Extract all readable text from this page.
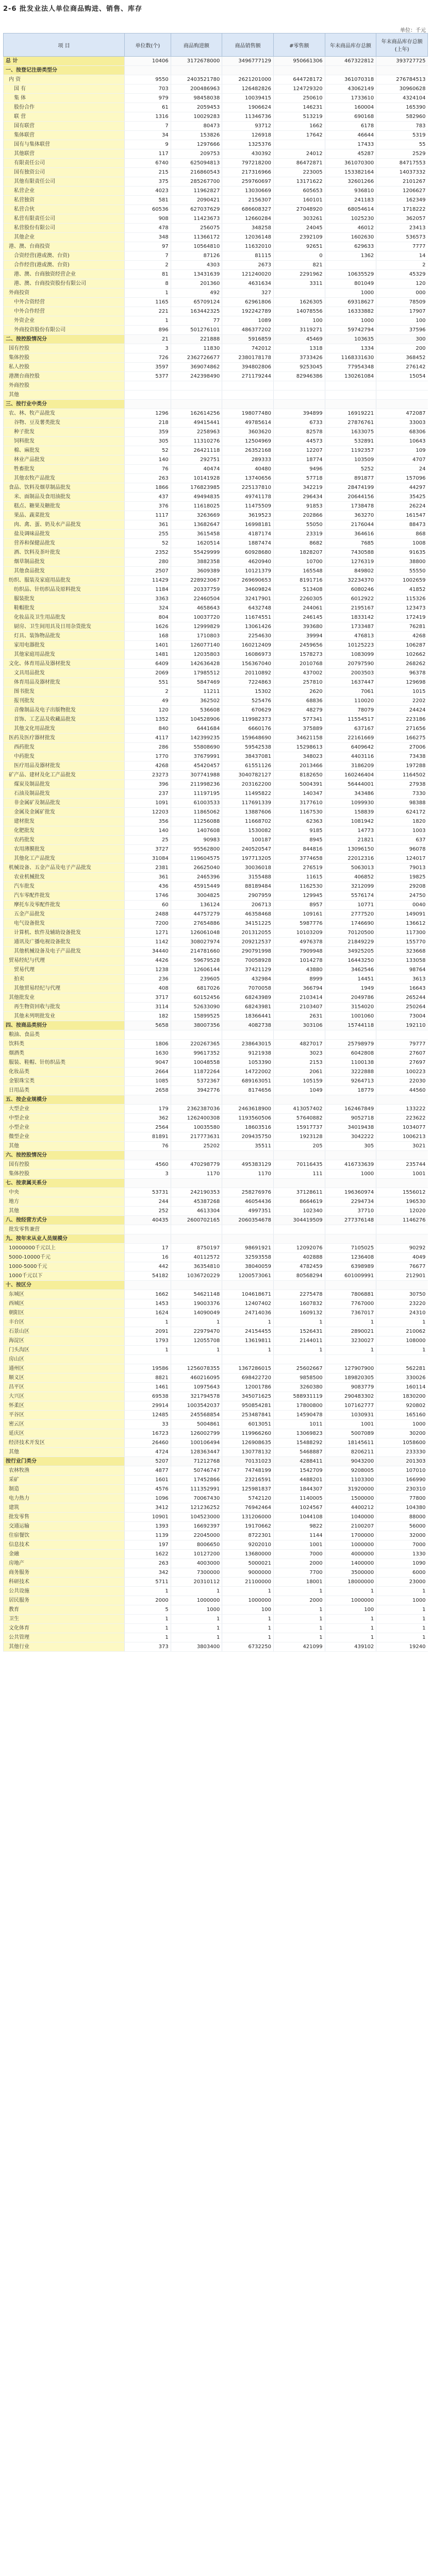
2-6 批发业法人单位商品购进、销售、库存
单位：千元
项 目	单位数(个)	商品购进额	商品销售额	#零售额	年末商品库存总额	年末商品库存总额(上年)
总 计	10406	3172678000	3496777129	950661306	467322812	393727725
一、按登记注册类型分						
内 资	9550	2403521780	2621201000	644728172	361070318	276784513
国 有	703	200486963	126482826	124729320	43062149	30960628
集 体	979	98458038	10039415	250610	1733610	4324104
股份合作	61	2059453	1906624	146231	160004	165390
联 营	1316	10029283	11346736	513219	690168	582960
国有联营	7	80473	93712	1662	6178	783
集体联营	34	153826	126918	17642	46644	5319
国有与集体联营	9	1297666	1325376		17433	55
其他联营	117	209753	430392	24012	45287	2529
有限责任公司	6740	625094813	797218200	86472871	361070300	84717553
国有独资公司	215	216860543	217316966	223005	153382164	14037332
其他有限责任公司	375	285267700	259760697	13171622	32601266	2101267
私营企业	4023	11962827	13030669	605653	936810	1206627
私营独资	581	2090421	2156307	160101	241183	162349
私营合伙	60536	627037629	686608327	27048920	68054614	1718222
私营有限责任公司	908	11423673	12660284	303261	1025230	362057
私营股份有限公司	478	256075	348258	24045	46012	23413
其他企业	348	11366172	12036148	2392109	1602630	536573
港、澳、台商投资	97	10564810	11632010	92651	629633	7777
合资经营(港或澳、台资)	7	87126	81115	0	1362	14
合作经营(港或澳、台资)	2	4303	2673	821		2
港、澳、台商独资经营企业	81	13431639	121240020	2291962	10635529	45329
港、澳、台商投资股份有限公司	8	201360	4631634	3311	801049	120
外商投资	1	492	327		1000	000
中外合资经营	1165	65709124	62961806	1626305	69318627	78509
中外合作经营	221	163442325	192242789	14078556	16333882	17907
外资企业	1	77	1089	100	1000	100
外商投资股份有限公司	896	501276101	486377202	3119271	59742794	37596
二、按控股情况分	21	221888	5916859	45469	103635	300
国有控股	3	11830	742012	1318	1334	200
集体控股	726	2362726677	2380178178	3733426	1168331630	368452
私人控股	3597	369074862	394802806	9253045	77954348	276142
港澳台商控股	5377	242398490	271179244	82946386	130261084	15054
外商控股						
其他						
三、按行业中类分						
农、林、牧产品批发	1296	162614256	198077480	394899	16919221	472087
谷物、豆及薯类批发	218	49415441	49785614	6733	27876761	33003
种子批发	359	2258963	3603620	82578	1633075	68306
饲料批发	305	11310276	12504969	44573	532891	10643
棉、麻批发	52	26421118	26352168	12207	1192357	109
林业产品批发	140	292751	289333	18774	103509	4707
牲畜批发	76	40474	40480	9496	5252	24
其他农牧产品批发	263	10141928	13740656	57718	891877	157096
食品、饮料及烟草制品批发	1866	176823985	225137810	342219	28474199	44297
米、面制品及食用油批发	437	49494835	49741178	296434	20644156	35425
糕点、糖果及糖批发	376	11618025	11475509	91853	1738478	26224
果品、蔬菜批发	1117	3263669	3619523	202866	363270	161547
肉、禽、蛋、奶及水产品批发	361	13682647	16998181	55050	2176044	88473
盐及调味品批发	255	3615458	4187174	23319	364616	868
营养和保健品批发	52	1620514	1887474	8682	7685	1008
酒、饮料及茶叶批发	2352	55429999	60928680	1828207	7430588	91635
烟草制品批发	280	3882358	4620940	10700	1276319	38800
其他食品批发	2507	3609389	10121379	165548	849802	55550
纺织、服装及家庭用品批发	11429	228923067	269690653	8191716	32234370	1002659
纺织品、针纺织品及原料批发	1184	20337759	34609824	513408	6080246	41852
服装批发	3363	22460504	32417901	2260305	6012922	115326
鞋帽批发	324	4658643	6432748	244061	2195167	123473
化妆品及卫生用品批发	804	10037720	11674551	246145	1833142	172419
厨房、卫生间用具及日用杂货批发	1626	12999829	13061426	393680	1733487	76281
灯具、装饰物品批发	168	1710803	2254630	39994	476813	4268
家用电器批发	1401	126077140	160212409	2459656	10125223	106287
其他家庭用品批发	1481	12035803	16086973	1578273	1083099	102662
文化、体育用品及器材批发	6409	142636428	156367040	2010768	20797590	268262
文具用品批发	2069	17985512	20110892	437002	2003503	96378
体育用品及器材批发	551	5847469	7224863	257810	1637447	129698
图书批发	2	11211	15302	2620	7061	1015
报刊批发	49	362502	525476	68836	110020	2202
音像制品及电子出版物批发	120	536608	670629	48279	78079	24424
首饰、工艺品及收藏品批发	1352	104528906	119982373	577341	11554517	223186
其他文化用品批发	840	6441684	6660176	375889	637167	271656
医药及医疗器材批发	4117	142399235	159648690	34621158	22161669	166275
西药批发	286	55808690	59542538	15298613	6409642	27006
中药批发	1770	37679991	38437081	348023	4403116	73438
医疗用品及器材批发	4268	45420457	61551126	2013466	3186209	197288
矿产品、建材及化工产品批发	23273	307741988	3040782127	8182650	160246404	1164502
煤炭及制品批发	396	211998236	203162200	5004391	56444001	27938
石油及制品批发	237	11197195	11495822	140347	343486	7330
非金属矿及制品批发	1091	61003533	117691339	3177610	1099930	98388
金属及金属矿批发	12203	11865062	13887606	1167530	158839	624172
建材批发	356	11256088	11668702	62363	1081942	1820
化肥批发	140	1407608	1530082	9185	14773	1003
农药批发	25	90983	100187	8945	21821	637
农用薄膜批发	3727	95562800	240520547	844816	13096150	96078
其他化工产品批发	31084	119604575	197713205	3774658	22012316	124017
机械设备、五金产品及电子产品批发	2381	26625040	30036018	276519	5063013	79013
农业机械批发	361	2465396	3155488	11615	406852	19825
汽车批发	436	45915449	88189484	1162530	3212099	29208
汽车零配件批发	1746	3004825	2907959	129945	5576174	24750
摩托车及零配件批发	60	136124	206713	8957	10771	0040
五金产品批发	2488	44757279	46358468	109161	2777520	149091
电气设备批发	7200	27654886	34151225	5987776	1746690	136612
计算机、软件及辅助设备批发	1271	126061048	201312055	10103209	70120500	117300
通讯及广播电视设备批发	1142	308027974	209212537	4976378	21849229	155770
其他机械设备及电子产品批发	34440	214781660	290791998	7909948	34925205	323668
贸易经纪与代理	4426	59679528	70058928	1014278	16443250	133058
贸易代理	1238	12606144	37421129	43880	3462546	98764
拍卖	236	239605	432984	8999	14451	3613
其他贸易经纪与代理	408	6817026	7070058	366794	1949	16643
其他批发业	3717	60152456	68243989	2103414	2049786	265244
再生物资回收与批发	3114	52633090	68243981	2103407	3154020	250264
其他未列明批发业	182	15899525	18366441	2631	1001060	73004
四、按商品类别分	5658	38007356	4082738	303106	15744118	192110
粮油、食品类						
饮料类	1806	220267365	238643015	4827017	25798979	79777
烟酒类	1630	99617352	9121938	3023	6042808	27607
服装、鞋帽、针纺织品类	9047	10048558	1053390	2153	1100138	27697
化妆品类	2664	11872264	14722002	2061	3222888	100223
金银珠宝类	1085	5372367	689163051	105159	9264713	22030
日用品类	2658	3942776	8174656	1049	18779	44560
五、按企业规模分						
大型企业	179	2362387036	2463618900	413057402	162467849	133222
中型企业	362	1262400308	1193560506	57640882	9052718	223622
小型企业	2564	10035580	18603516	15917737	34019438	1034077
微型企业	81891	217773631	209435750	1923128	3042222	1006213
其他	76	25202	35511	205	305	3021
六、按控股情况分						
国有控股	4560	470298779	495383129	70116435	416733639	235744
集体控股	3	1170	1170	111	1000	1001
七、按隶属关系分						
中央	53731	242190353	258276976	37128611	196360974	1556012
地方	244	45387268	46054436	8664619	2294734	196530
其他	252	4613304	4997351	102340	37710	12020
八、按经营方式分	40435	2600702165	2060354678	304419509	277376148	1146276
批发零售兼营						
九、按年末从业人员规模分						
10000000千元以上	17	8750197	98691921	12092076	7105025	90292
5000-10000千元	16	40112572	32593558	402888	1236408	4049
1000-5000千元	442	36354810	38040059	4782459	6398989	76677
1000千元以下	54182	1036720229	1200573061	80568294	601009991	212901
十、按区分						
东城区	1662	54621148	104618671	2275478	7806881	30750
西城区	1453	19003376	12407402	1607832	7767000	23220
朝阳区	1624	14090049	24714036	1609132	7367017	24310
丰台区	1	1	1	1	1	1
石景山区	2091	22979470	24154455	1526431	2890021	210062
海淀区	1793	12055708	13619811	2144011	3230027	108000
门头沟区	1	1	1	1	1	1
房山区						
通州区	19586	1256078355	1367286015	25602667	127907900	562281
顺义区	8821	460216095	698422720	9858500	189820305	330026
昌平区	1461	10975643	12001786	3260380	9083779	160114
大兴区	69538	321794578	345071625	588931119	290483302	1830200
怀柔区	29914	1003542037	950854281	17800800	107162777	920802
平谷区	12485	245568854	253487841	14590478	1030931	165160
密云区	33	5004861	6013051	1011	1001	1000
延庆区	16723	126002799	119966260	13069823	5007089	30200
经济技术开发区	26460	100106494	126908635	15488292	18145611	1058600
其他	4724	128363447	130778132	5468887	8206211	233330
按行业门类分	5207	71212768	70131023	4288411	9043200	201303
农林牧渔	4877	50746747	74748199	1542709	9208005	107010
采矿	1601	17452866	23216591	4488201	1103300	166990
制造	4576	111352991	125981837	1844307	31920000	230310
电力热力	1096	70067430	5742120	1140005	1500000	77800
建筑	3412	121236252	76942464	1024567	4400212	104380
批发零售	10901	104523000	131206000	1044108	1040000	88000
交通运输	1393	16692397	19170662	9822	2100207	56000
住宿餐饮	1139	22045000	8722301	1144	1700000	32000
信息技术	197	8006650	9202010	1001	1000000	7000
金融	1622	10127200	13680000	7000	4000000	1330
房地产	263	4003000	5000021	2000	1400000	1090
商务服务	342	7300000	9000000	7700	3500000	6000
科研技术	5711	20310112	21100000	18001	18000000	23000
公共设施	1	1	1	1	1	1
居民服务	2000	1000000	1000000	2000	1000000	1000
教育	5	1000	100	1	100	1
卫生	1	1	1	1	1	1
文化体育	1	1	1	1	1	1
公共管理	1	1	1	1	1	1
其他行业	373	3803400	6732250	421099	439102	19240
